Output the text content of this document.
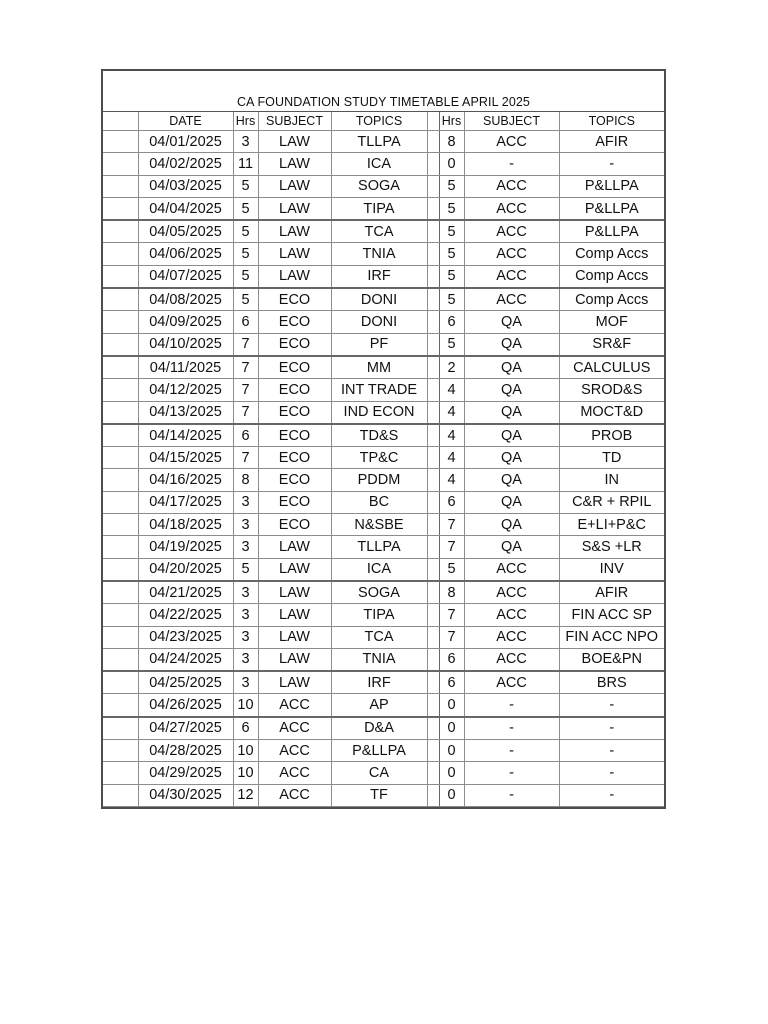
CA FOUNDATION STUDY TIMETABLE APRIL 2025
	DATE	Hrs	SUBJECT	TOPICS		Hrs	SUBJECT	TOPICS
	04/01/2025	3	LAW	TLLPA		8	ACC	AFIR
	04/02/2025	11	LAW	ICA		0	-	-
	04/03/2025	5	LAW	SOGA		5	ACC	P&LLPA
	04/04/2025	5	LAW	TIPA		5	ACC	P&LLPA
	04/05/2025	5	LAW	TCA		5	ACC	P&LLPA
	04/06/2025	5	LAW	TNIA		5	ACC	Comp Accs
	04/07/2025	5	LAW	IRF		5	ACC	Comp Accs
	04/08/2025	5	ECO	DONI		5	ACC	Comp Accs
	04/09/2025	6	ECO	DONI		6	QA	MOF
	04/10/2025	7	ECO	PF		5	QA	SR&F
	04/11/2025	7	ECO	MM		2	QA	CALCULUS
	04/12/2025	7	ECO	INT TRADE		4	QA	SROD&S
	04/13/2025	7	ECO	IND ECON		4	QA	MOCT&D
	04/14/2025	6	ECO	TD&S		4	QA	PROB
	04/15/2025	7	ECO	TP&C		4	QA	TD
	04/16/2025	8	ECO	PDDM		4	QA	IN
	04/17/2025	3	ECO	BC		6	QA	C&R + RPIL
	04/18/2025	3	ECO	N&SBE		7	QA	E+LI+P&C
	04/19/2025	3	LAW	TLLPA		7	QA	S&S +LR
	04/20/2025	5	LAW	ICA		5	ACC	INV
	04/21/2025	3	LAW	SOGA		8	ACC	AFIR
	04/22/2025	3	LAW	TIPA		7	ACC	FIN ACC SP
	04/23/2025	3	LAW	TCA		7	ACC	FIN ACC NPO
	04/24/2025	3	LAW	TNIA		6	ACC	BOE&PN
	04/25/2025	3	LAW	IRF		6	ACC	BRS
	04/26/2025	10	ACC	AP		0	-	-
	04/27/2025	6	ACC	D&A		0	-	-
	04/28/2025	10	ACC	P&LLPA		0	-	-
	04/29/2025	10	ACC	CA		0	-	-
	04/30/2025	12	ACC	TF		0	-	-
